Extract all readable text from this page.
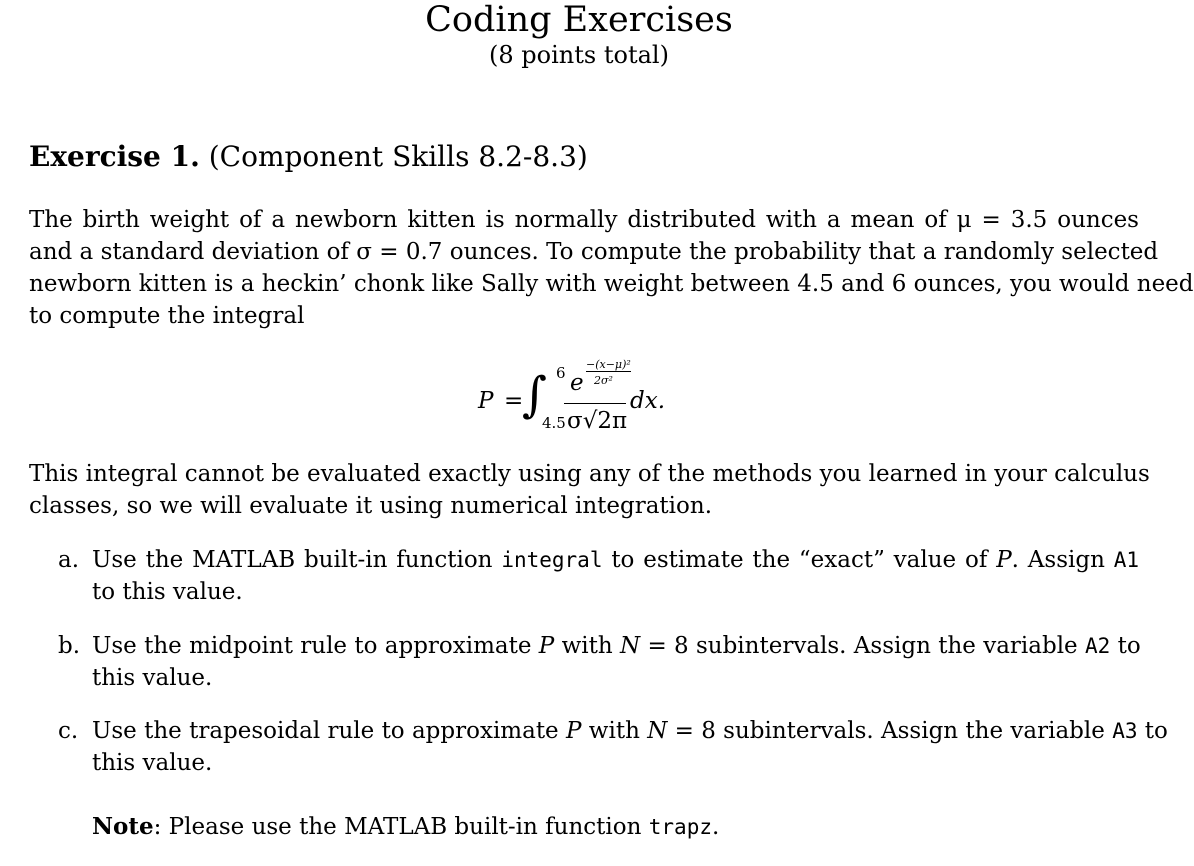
Coding Exercises
(8 points total)
Exercise 1. (Component Skills 8.2-8.3)
The birth weight of a newborn kitten is normally distributed with a mean of μ = 3.5 ounces
and a standard deviation of σ = 0.7 ounces. To compute the probability that a randomly selected
newborn kitten is a heckin’ chonk like Sally with weight between 4.5 and 6 ounces, you would need
to compute the integral
P =
∫ 6
4.5
e
−(x−μ)²
2σ²
σ√2π
dx.
This integral cannot be evaluated exactly using any of the methods you learned in your calculus
classes, so we will evaluate it using numerical integration.
a. Use the MATLAB built-in function integral to estimate the “exact” value of P. Assign A1
to this value.
b. Use the midpoint rule to approximate P with N = 8 subintervals. Assign the variable A2 to
this value.
c. Use the trapesoidal rule to approximate P with N = 8 subintervals. Assign the variable A3 to
this value.
Note: Please use the MATLAB built-in function trapz.
